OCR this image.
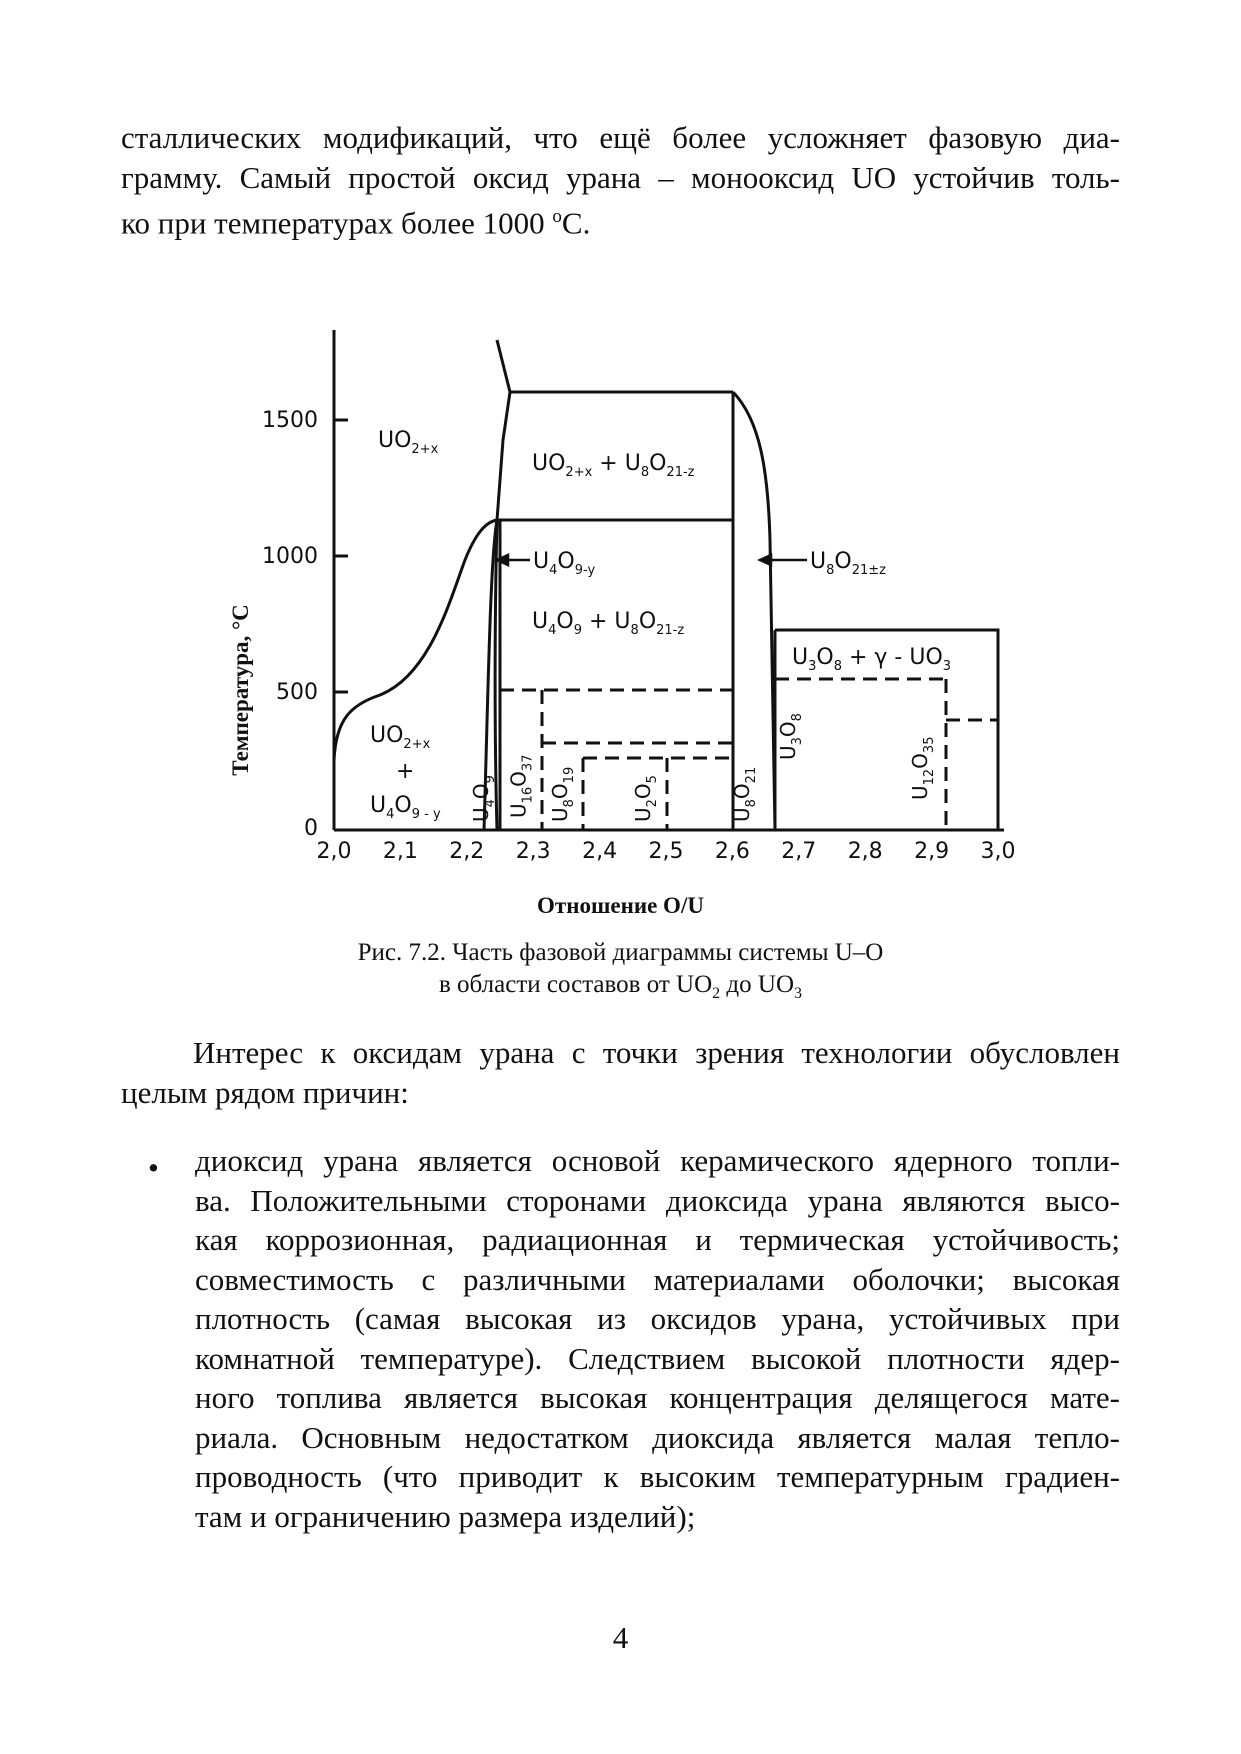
сталлических модификаций, что ещё более усложняет фазовую диа-
грамму. Самый простой оксид урана – монооксид UO устойчив толь-
ко при температурах более 1000 $^o$C.
1500
1000
500
0
2,0 2,1 2,2 2,3 2,4 2,5 2,6 2,7 2,8 2,9 3,0
$UO_{2+x}$
$UO_{2+x} + U_8O_{21-z}$
$U_4O_9 + U_8O_{21-z}$
$U_3O_8 + \gamma - UO_3$
$UO_{2+x}$
+
$U_4O_{9 - y}$
$U_4O_{9-y}$	$U_8O_{21\pm z}$
$U_4O_9$
$U_{16}O_{37}$
$U_8O_{19}$
$U_2O_5$
$U_8O_{21}$
$U_3O_8$
$U_{12}O_{35}$
Температура, °C
Отношение O/U
Рис. 7.2. Часть фазовой диаграммы системы U–O
в области составов от $UO_2$ до $UO_3$
Интерес к оксидам урана с точки зрения технологии обусловлен
целым рядом причин:
• диоксид урана является основой керамического ядерного топли-
ва. Положительными сторонами диоксида урана являются высо-
кая коррозионная, радиационная и термическая устойчивость;
совместимость с различными материалами оболочки; высокая
плотность (самая высокая из оксидов урана, устойчивых при
комнатной температуре). Следствием высокой плотности ядер-
ного топлива является высокая концентрация делящегося мате-
риала. Основным недостатком диоксида является малая тепло-
проводность (что приводит к высоким температурным градиен-
там и ограничению размера изделий);
4
